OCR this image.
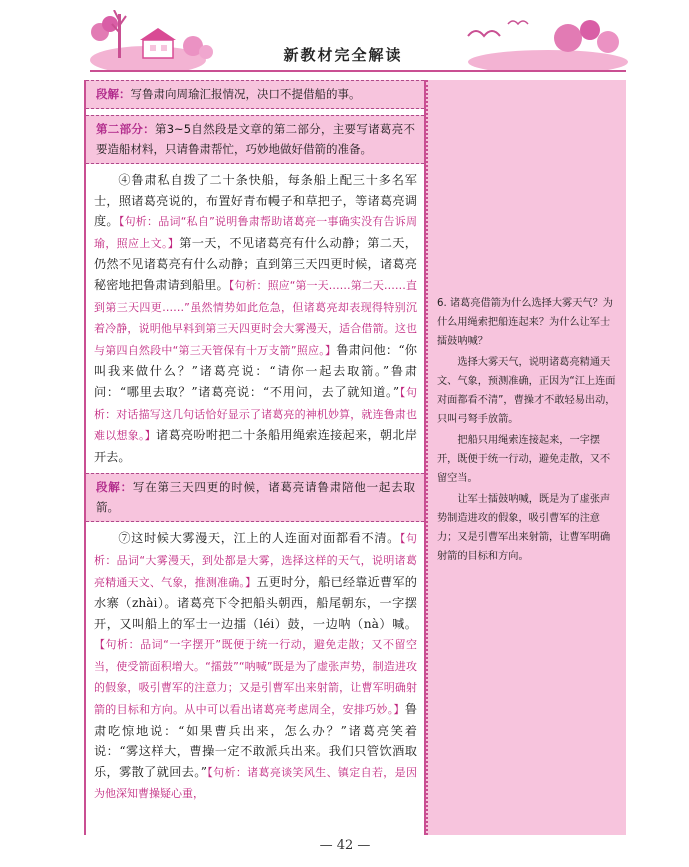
新教材完全解读
段解：写鲁肃向周瑜汇报情况，决口不提借船的事。
第二部分：第3~5自然段是文章的第二部分，主要写诸葛亮不要造船材料，只请鲁肃帮忙，巧妙地做好借箭的准备。

④鲁肃私自拨了二十条快船，每条船上配三十多名军士，照诸葛亮说的，布置好青布幔子和草把子，等诸葛亮调度。【句析：品词“私自”说明鲁肃帮助诸葛亮一事确实没有告诉周瑜，照应上文。】第一天，不见诸葛亮有什么动静；第二天，仍然不见诸葛亮有什么动静；直到第三天四更时候，诸葛亮秘密地把鲁肃请到船里。【句析：照应“第一天……第二天……直到第三天四更……”虽然情势如此危急，但诸葛亮却表现得特别沉着冷静，说明他早料到第三天四更时会大雾漫天，适合借箭。这也与第四自然段中“第三天管保有十万支箭”照应。】鲁肃问他：“你叫我来做什么？”诸葛亮说：“请你一起去取箭。”鲁肃问：“哪里去取？”诸葛亮说：“不用问，去了就知道。”【句析：对话描写这几句话恰好显示了诸葛亮的神机妙算，就连鲁肃也难以想象。】诸葛亮吩咐把二十条船用绳索连接起来，朝北岸开去。

段解：写在第三天四更的时候，诸葛亮请鲁肃陪他一起去取箭。

⑦这时候大雾漫天，江上的人连面对面都看不清。【句析：品词“大雾漫天，到处都是大雾，选择这样的天气，说明诸葛亮精通天文、气象，推测准确。】五更时分，船已经靠近曹军的水寨（zhài）。诸葛亮下令把船头朝西，船尾朝东，一字摆开，又叫船上的军士一边擂（léi）鼓，一边呐（nà）喊。【句析：品词“一字摆开”既便于统一行动，避免走散；又不留空当，使受箭面积增大。“擂鼓”“呐喊”既是为了虚张声势，制造进攻的假象，吸引曹军的注意力；又是引曹军出来射箭，让曹军明确射箭的目标和方向。从中可以看出诸葛亮考虑周全，安排巧妙。】鲁肃吃惊地说：“如果曹兵出来，怎么办？”诸葛亮笑着说：“雾这样大，曹操一定不敢派兵出来。我们只管饮酒取乐，雾散了就回去。”【句析：诸葛亮谈笑风生、镇定自若，是因为他深知曹操疑心重，

6. 诸葛亮借箭为什么选择大雾天气？为什么用绳索把船连起来？为什么让军士擂鼓呐喊？

选择大雾天气，说明诸葛亮精通天文、气象，预测准确，正因为“江上连面对面都看不清”，曹操才不敢轻易出动，只叫弓弩手放箭。

把船只用绳索连接起来，一字摆开，既便于统一行动，避免走散，又不留空当。

让军士擂鼓呐喊，既是为了虚张声势制造进攻的假象，吸引曹军的注意力；又是引曹军出来射箭，让曹军明确射箭的目标和方向。

— 42 —
